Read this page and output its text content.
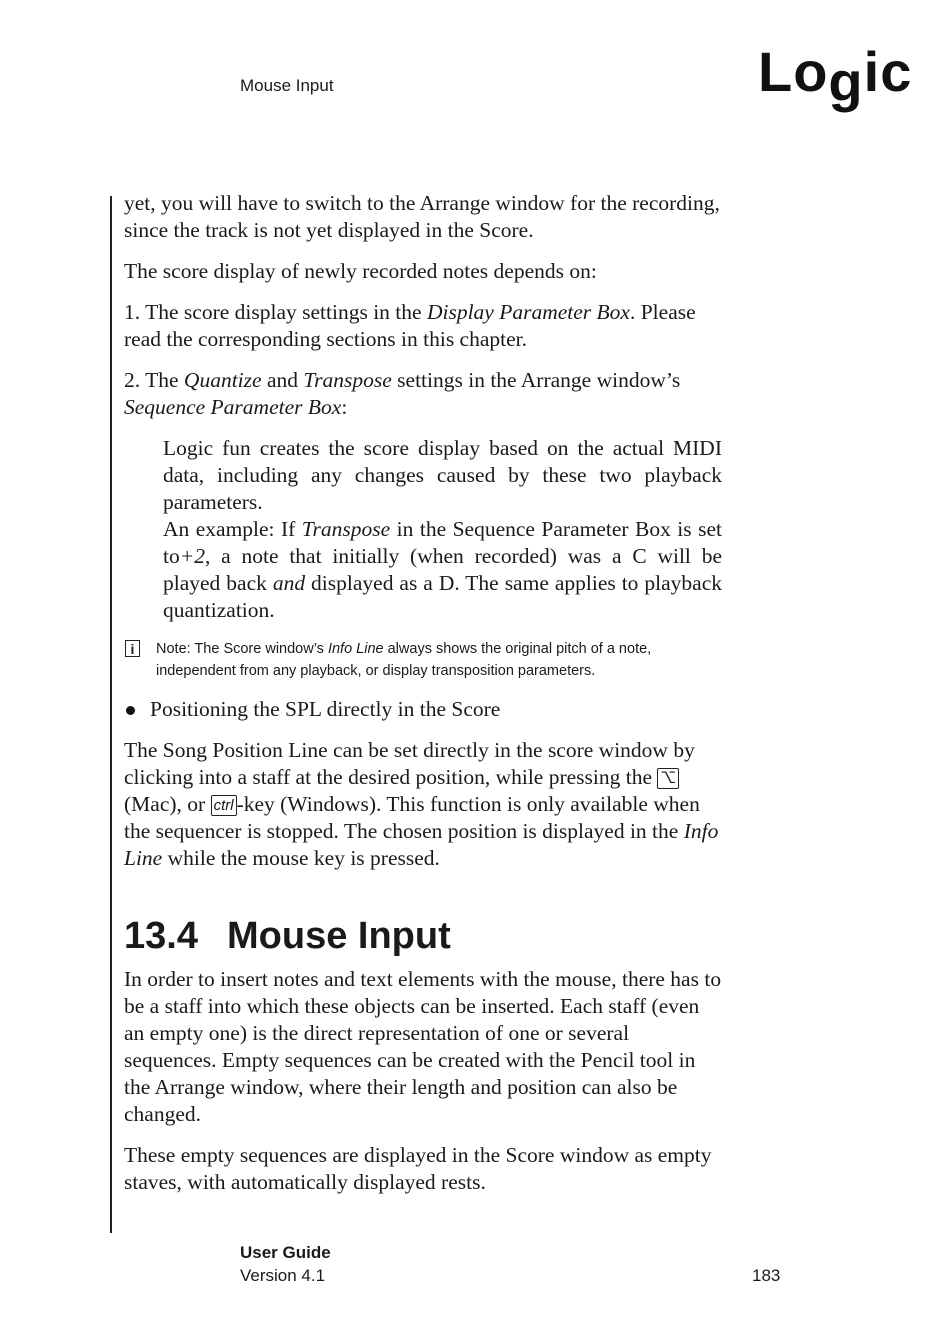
Mouse Input	Logic

yet, you will have to switch to the Arrange window for the recording, since the track is not yet displayed in the Score.

The score display of newly recorded notes depends on:

1. The score display settings in the Display Parameter Box. Please read the corresponding sections in this chapter.

2. The Quantize and Transpose settings in the Arrange window’s Sequence Parameter Box:

Logic fun creates the score display based on the actual MIDI data, including any changes caused by these two playback parameters.
An example: If Transpose in the Sequence Parameter Box is set to+2, a note that initially (when recorded) was a C will be played back and displayed as a D. The same applies to playback quantization.

i	Note: The Score window’s Info Line always shows the original pitch of a note, independent from any playback, or display transposition parameters.

Positioning the SPL directly in the Score

The Song Position Line can be set directly in the score window by clicking into a staff at the desired position, while pressing the ⌥ (Mac), or ctrl -key (Windows). This function is only available when the sequencer is stopped. The chosen position is displayed in the Info Line while the mouse key is pressed.

13.4 Mouse Input

In order to insert notes and text elements with the mouse, there has to be a staff into which these objects can be inserted. Each staff (even an empty one) is the direct representation of one or several sequences. Empty sequences can be created with the Pencil tool in the Arrange window, where their length and position can also be changed.

These empty sequences are displayed in the Score window as empty staves, with automatically displayed rests.

User Guide
Version 4.1	183
